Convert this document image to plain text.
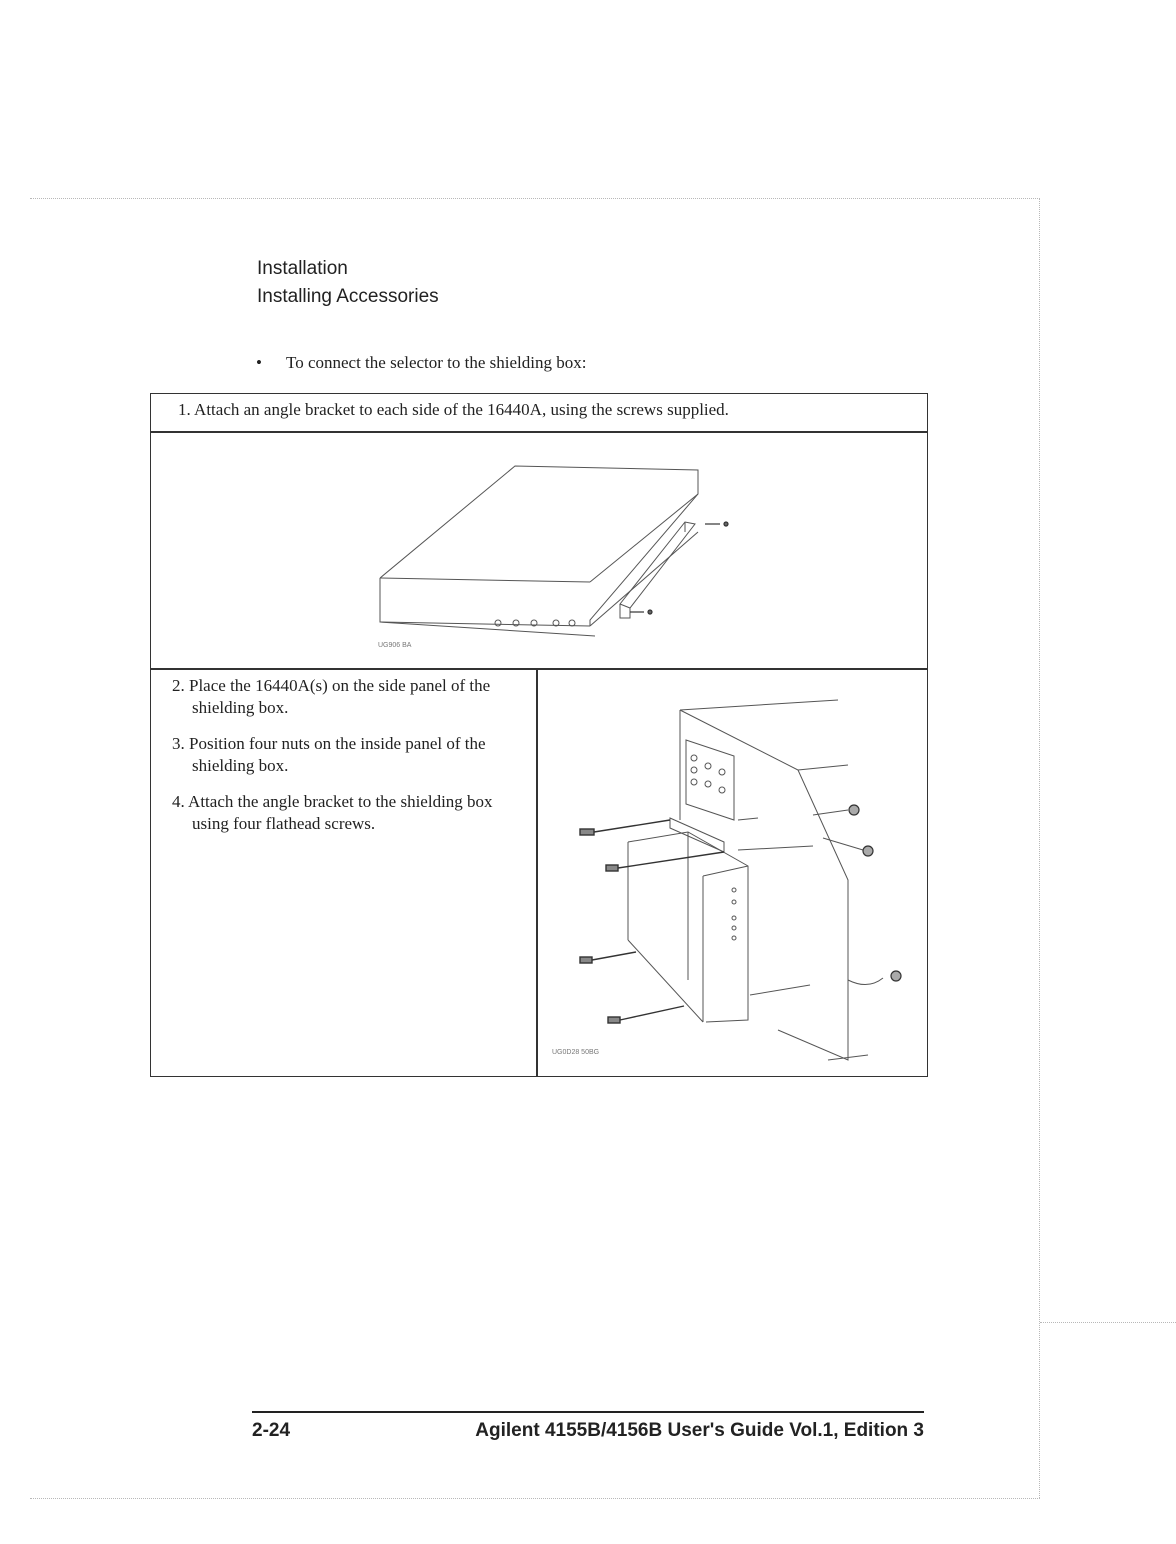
Installation
Installing Accessories
• To connect the selector to the shielding box:
1. Attach an angle bracket to each side of the 16440A, using the screws supplied.
UG906 BA
2. Place the 16440A(s) on the side panel of the shielding box.
3. Position four nuts on the inside panel of the shielding box.
4. Attach the angle bracket to the shielding box using four flathead screws.
UG0D28 50BG
2-24	Agilent 4155B/4156B User's Guide Vol.1, Edition 3
